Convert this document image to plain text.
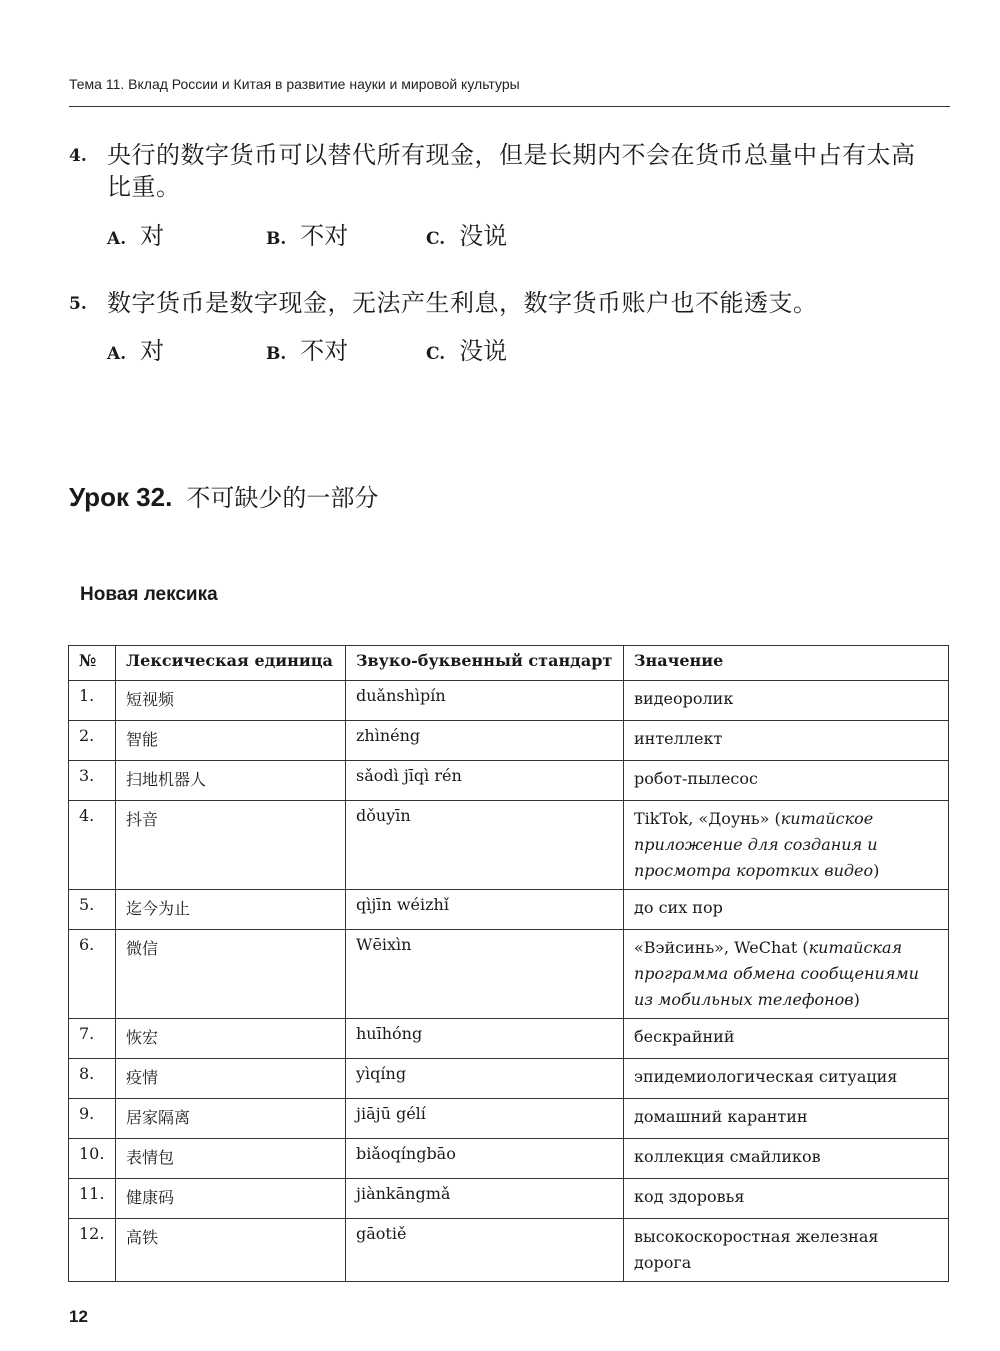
Тема 11. Вклад России и Китая в развитие науки и мировой культуры
4. 央行的数字货币可以替代所有现金，但是长期内不会在货币总量中占有太高比重。
A. 对	B. 不对	C. 没说
5. 数字货币是数字现金，无法产生利息，数字货币账户也不能透支。
A. 对	B. 不对	C. 没说
Урок 32. 不可缺少的一部分
Новая лексика
№	Лексическая единица	Звуко-буквенный стандарт	Значение
1.	短视频	duǎnshìpín	видеоролик
2.	智能	zhìnéng	интеллект
3.	扫地机器人	sǎodì jīqì rén	робот-пылесос
4.	抖音	dǒuyīn	TikTok, «Доунь» (китайское приложение для создания и просмотра коротких видео)
5.	迄今为止	qìjīn wéizhǐ	до сих пор
6.	微信	Wēixìn	«Вэйсинь», WeChat (китайская программа обмена сообщениями из мобильных телефонов)
7.	恢宏	huīhóng	бескрайний
8.	疫情	yìqíng	эпидемиологическая ситуация
9.	居家隔离	jiājū gélí	домашний карантин
10.	表情包	biǎoqíngbāo	коллекция смайликов
11.	健康码	jiànkāngmǎ	код здоровья
12.	高铁	gāotiě	высокоскоростная железная дорога
12
